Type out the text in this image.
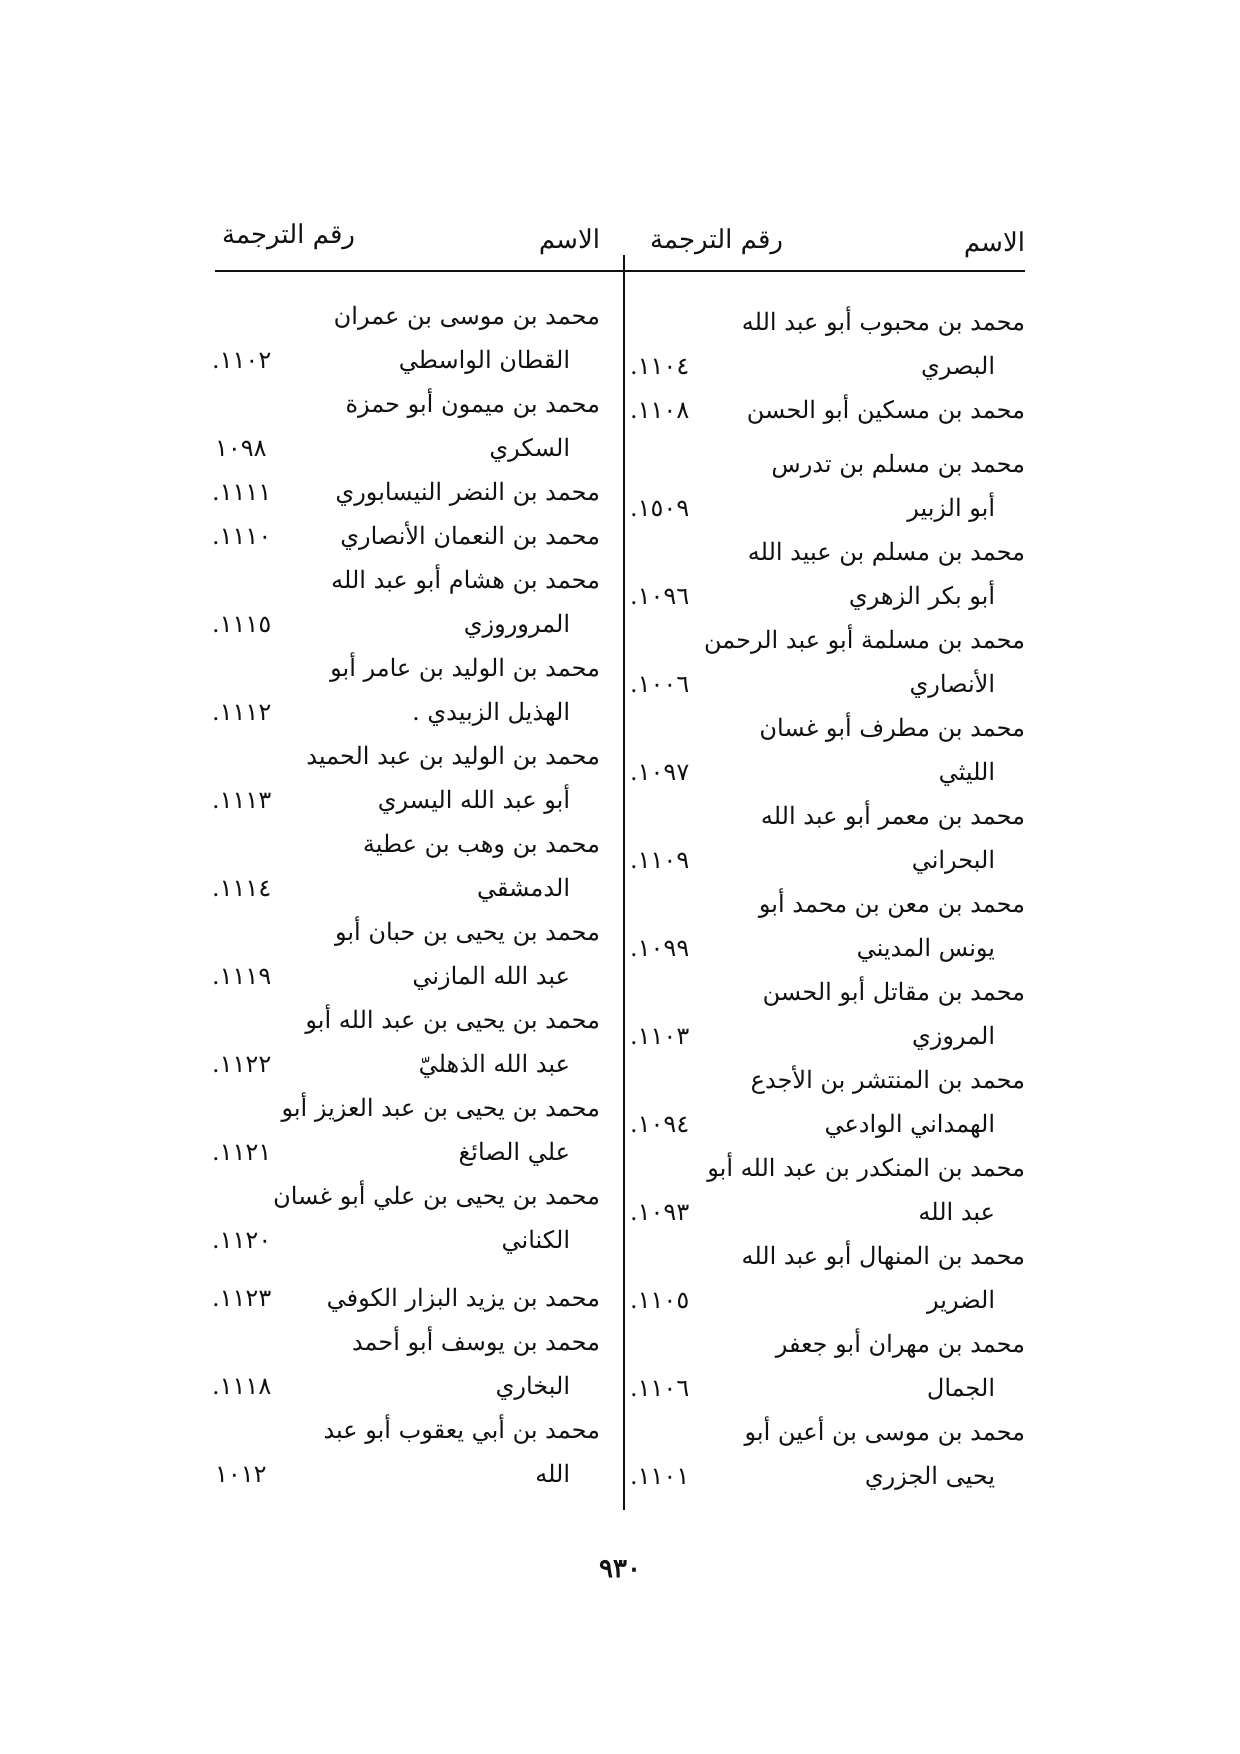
الاسم
رقم الترجمة
الاسم
رقم الترجمة
محمد بن محبوب أبو عبد الله
البصري
محمد بن مسكين أبو الحسن
محمد بن مسلم بن تدرس
أبو الزبير
محمد بن مسلم بن عبيد الله
أبو بكر الزهري
محمد بن مسلمة أبو عبد الرحمن
الأنصاري
محمد بن مطرف أبو غسان
الليثي
محمد بن معمر أبو عبد الله
البحراني
محمد بن معن بن محمد أبو
يونس المديني
محمد بن مقاتل أبو الحسن
المروزي
محمد بن المنتشر بن الأجدع
الهمداني الوادعي
محمد بن المنكدر بن عبد الله أبو
عبد الله
محمد بن المنهال أبو عبد الله
الضرير
محمد بن مهران أبو جعفر
الجمال
محمد بن موسى بن أعين أبو
يحيى الجزري
.١١٠٤
.١١٠٨
.١٥٠٩
.١٠٩٦
.١٠٠٦
.١٠٩٧
.١١٠٩
.١٠٩٩
.١١٠٣
.١٠٩٤
.١٠٩٣
.١١٠٥
.١١٠٦
.١١٠١
محمد بن موسى بن عمران
القطان الواسطي
محمد بن ميمون أبو حمزة
السكري
محمد بن النضر النيسابوري
محمد بن النعمان الأنصاري
محمد بن هشام أبو عبد الله
المروروزي
محمد بن الوليد بن عامر أبو
الهذيل الزبيدي .
محمد بن الوليد بن عبد الحميد
أبو عبد الله اليسري
محمد بن وهب بن عطية
الدمشقي
محمد بن يحيى بن حبان أبو
عبد الله المازني
محمد بن يحيى بن عبد الله أبو
عبد الله الذهليّ
محمد بن يحيى بن عبد العزيز أبو
علي الصائغ
محمد بن يحيى بن علي أبو غسان
الكناني
محمد بن يزيد البزار الكوفي
محمد بن يوسف أبو أحمد
البخاري
محمد بن أبي يعقوب أبو عبد
الله
.١١٠٢
١٠٩٨
.١١١١
.١١١٠
.١١١٥
.١١١٢
.١١١٣
.١١١٤
.١١١٩
.١١٢٢
.١١٢١
.١١٢٠
.١١٢٣
.١١١٨
١٠١٢
٩٣٠
